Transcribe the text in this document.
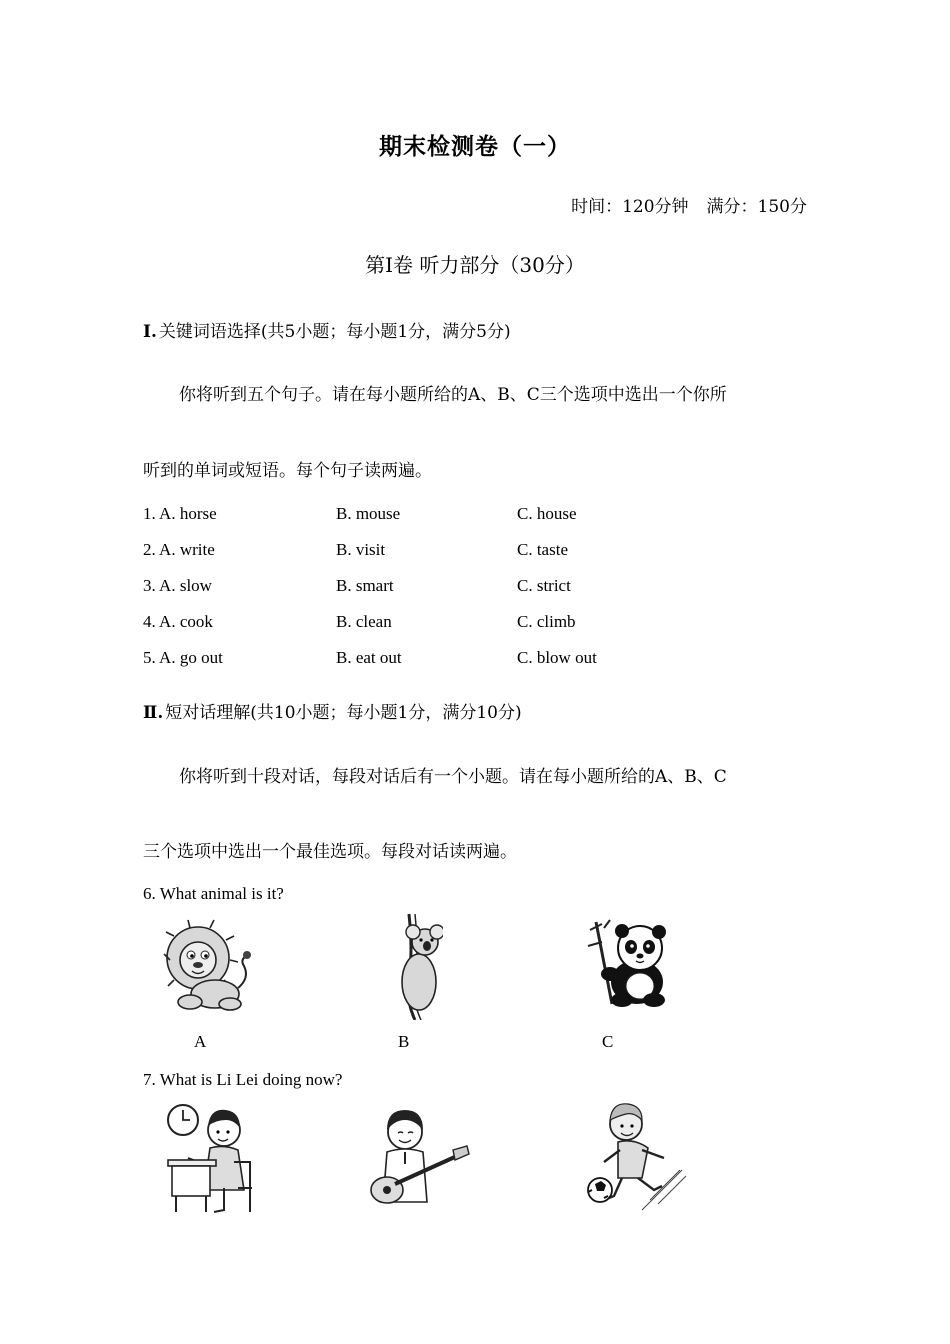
期末检测卷（一）
时间：120分钟 满分：150分
第Ⅰ卷 听力部分（30分）
Ⅰ. 关键词语选择(共5小题；每小题1分，满分5分)
你将听到五个句子。请在每小题所给的A、B、C三个选项中选出一个你所
听到的单词或短语。每个句子读两遍。
1. A. horse	B. mouse	C. house
2. A. write	B. visit	C. taste
3. A. slow	B. smart	C. strict
4. A. cook	B. clean	C. climb
5. A. go out	B. eat out	C. blow out
Ⅱ. 短对话理解(共10小题；每小题1分，满分10分)
你将听到十段对话，每段对话后有一个小题。请在每小题所给的A、B、C
三个选项中选出一个最佳选项。每段对话读两遍。
6. What animal is it?
A	B	C
7. What is Li Lei doing now?
